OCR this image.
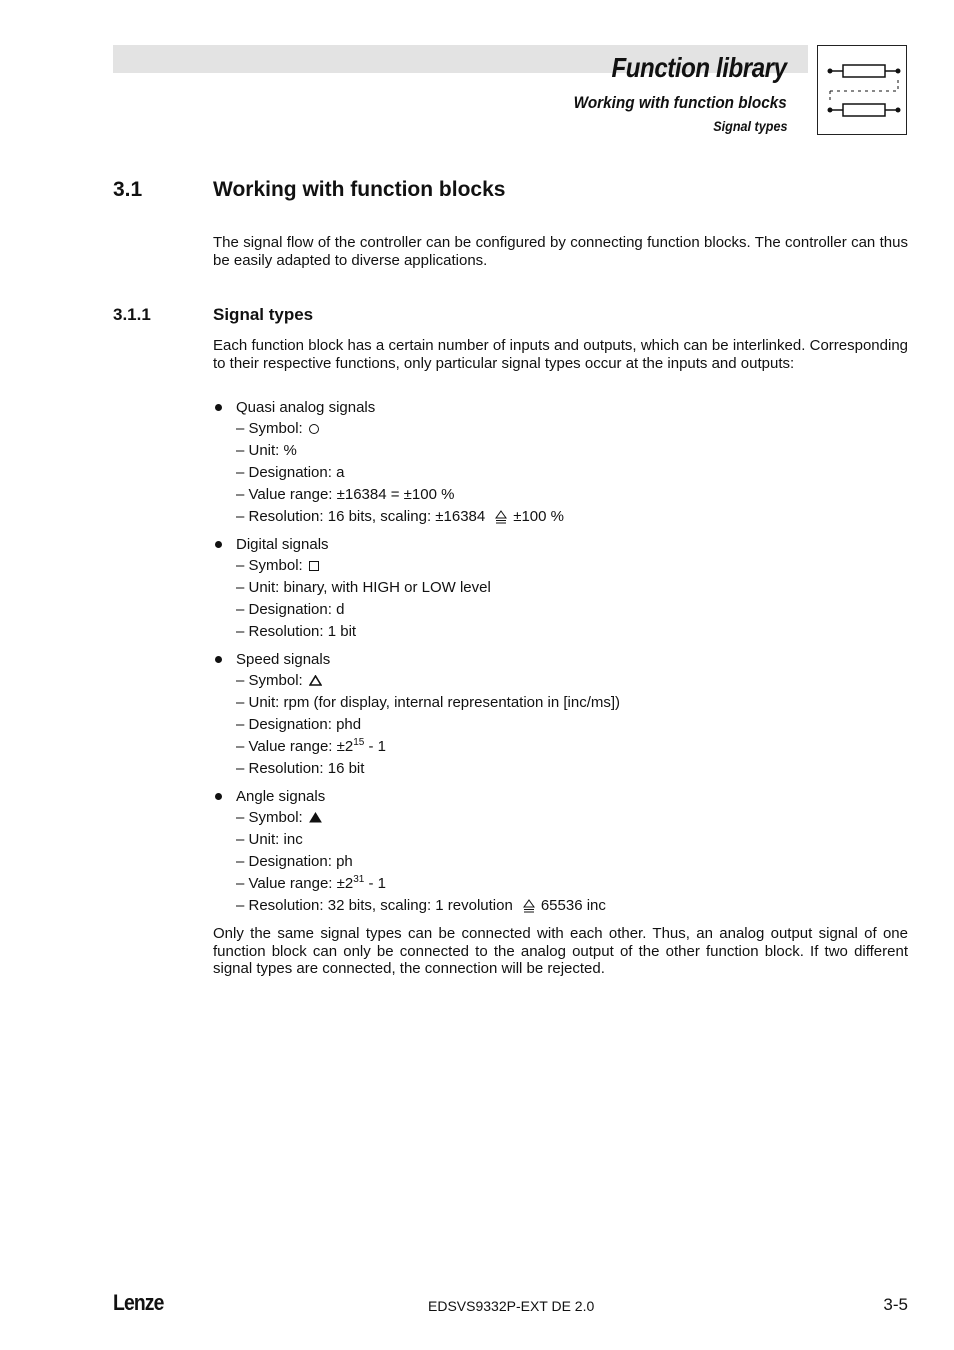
Function library
Working with function blocks
Signal types
3.1	Working with function blocks

The signal flow of the controller can be configured by connecting function blocks. The controller can thus be easily adapted to diverse applications.

3.1.1	Signal types

Each function block has a certain number of inputs and outputs, which can be interlinked. Corresponding to their respective functions, only particular signal types occur at the inputs and outputs:

Quasi analog signals
– Symbol:
– Unit: %
– Designation: a
– Value range: ±16384 = ±100 %
– Resolution: 16 bits, scaling: ±16384 ±100 %
Digital signals
– Symbol:
– Unit: binary, with HIGH or LOW level
– Designation: d
– Resolution: 1 bit
Speed signals
– Symbol:
– Unit: rpm (for display, internal representation in [inc/ms])
– Designation: phd
– Value range: $\pm 2^{15} - 1$
– Resolution: 16 bit
Angle signals
– Symbol:
– Unit: inc
– Designation: ph
– Value range: $\pm 2^{31} - 1$
– Resolution: 32 bits, scaling: 1 revolution 65536 inc

Only the same signal types can be connected with each other. Thus, an analog output signal of one function block can only be connected to the analog output of the other function block. If two different signal types are connected, the connection will be rejected.

Lenze	EDSVS9332P-EXT DE 2.0	3-5
